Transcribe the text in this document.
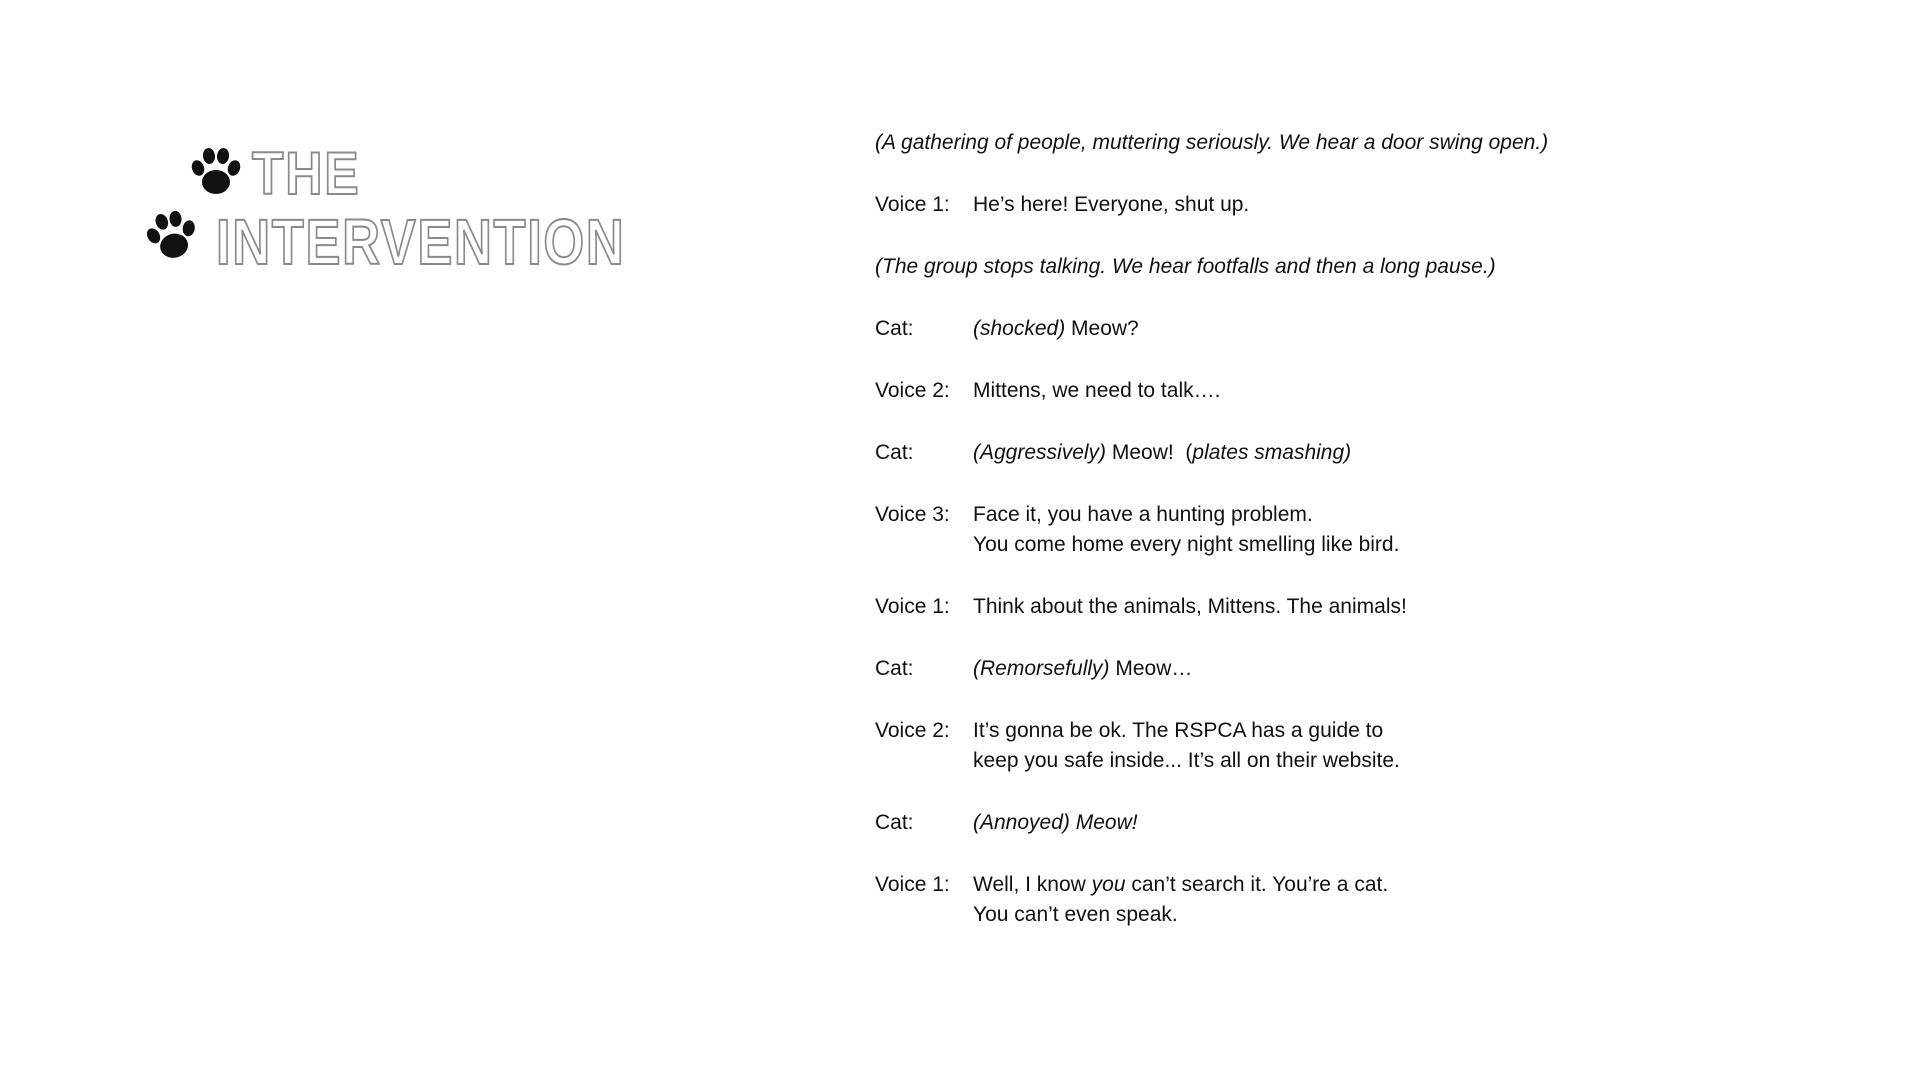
THE
INTERVENTION
(A gathering of people, muttering seriously. We hear a door swing open.)
Voice 1:	He’s here! Everyone, shut up.
(The group stops talking. We hear footfalls and then a long pause.)
Cat:	(shocked) Meow?
Voice 2:	Mittens, we need to talk….
Cat:	(Aggressively) Meow!  (plates smashing)
Voice 3:	Face it, you have a hunting problem.
You come home every night smelling like bird.
Voice 1:	Think about the animals, Mittens. The animals!
Cat:	(Remorsefully) Meow…
Voice 2:	It’s gonna be ok. The RSPCA has a guide to
keep you safe inside... It’s all on their website.
Cat:	(Annoyed) Meow!
Voice 1:	Well, I know you can’t search it. You’re a cat.
You can’t even speak.
